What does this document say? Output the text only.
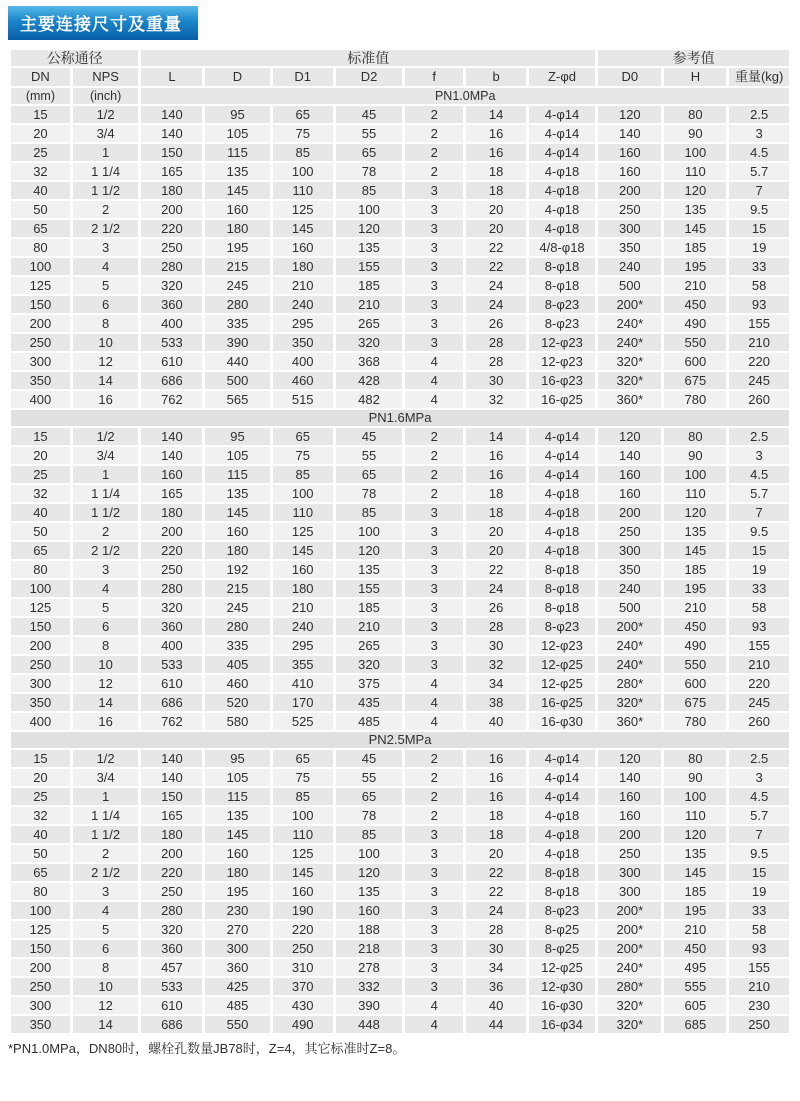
主要连接尺寸及重量
公称通径		标准值							参考值		
DN	NPS	L	D	D1	D2	f	b	Z-φd	D0	H	重量(kg)
(mm)	(inch)	PN1.0MPa									
15	1/2	140	95	65	45	2	14	4-φ14	120	80	2.5
20	3/4	140	105	75	55	2	16	4-φ14	140	90	3
25	1	150	115	85	65	2	16	4-φ14	160	100	4.5
32	1 1/4	165	135	100	78	2	18	4-φ18	160	110	5.7
40	1 1/2	180	145	110	85	3	18	4-φ18	200	120	7
50	2	200	160	125	100	3	20	4-φ18	250	135	9.5
65	2 1/2	220	180	145	120	3	20	4-φ18	300	145	15
80	3	250	195	160	135	3	22	4/8-φ18	350	185	19
100	4	280	215	180	155	3	22	8-φ18	240	195	33
125	5	320	245	210	185	3	24	8-φ18	500	210	58
150	6	360	280	240	210	3	24	8-φ23	200*	450	93
200	8	400	335	295	265	3	26	8-φ23	240*	490	155
250	10	533	390	350	320	3	28	12-φ23	240*	550	210
300	12	610	440	400	368	4	28	12-φ23	320*	600	220
350	14	686	500	460	428	4	30	16-φ23	320*	675	245
400	16	762	565	515	482	4	32	16-φ25	360*	780	260
PN1.6MPa											
15	1/2	140	95	65	45	2	14	4-φ14	120	80	2.5
20	3/4	140	105	75	55	2	16	4-φ14	140	90	3
25	1	160	115	85	65	2	16	4-φ14	160	100	4.5
32	1 1/4	165	135	100	78	2	18	4-φ18	160	110	5.7
40	1 1/2	180	145	110	85	3	18	4-φ18	200	120	7
50	2	200	160	125	100	3	20	4-φ18	250	135	9.5
65	2 1/2	220	180	145	120	3	20	4-φ18	300	145	15
80	3	250	192	160	135	3	22	8-φ18	350	185	19
100	4	280	215	180	155	3	24	8-φ18	240	195	33
125	5	320	245	210	185	3	26	8-φ18	500	210	58
150	6	360	280	240	210	3	28	8-φ23	200*	450	93
200	8	400	335	295	265	3	30	12-φ23	240*	490	155
250	10	533	405	355	320	3	32	12-φ25	240*	550	210
300	12	610	460	410	375	4	34	12-φ25	280*	600	220
350	14	686	520	170	435	4	38	16-φ25	320*	675	245
400	16	762	580	525	485	4	40	16-φ30	360*	780	260
PN2.5MPa											
15	1/2	140	95	65	45	2	16	4-φ14	120	80	2.5
20	3/4	140	105	75	55	2	16	4-φ14	140	90	3
25	1	150	115	85	65	2	16	4-φ14	160	100	4.5
32	1 1/4	165	135	100	78	2	18	4-φ18	160	110	5.7
40	1 1/2	180	145	110	85	3	18	4-φ18	200	120	7
50	2	200	160	125	100	3	20	4-φ18	250	135	9.5
65	2 1/2	220	180	145	120	3	22	8-φ18	300	145	15
80	3	250	195	160	135	3	22	8-φ18	300	185	19
100	4	280	230	190	160	3	24	8-φ23	200*	195	33
125	5	320	270	220	188	3	28	8-φ25	200*	210	58
150	6	360	300	250	218	3	30	8-φ25	200*	450	93
200	8	457	360	310	278	3	34	12-φ25	240*	495	155
250	10	533	425	370	332	3	36	12-φ30	280*	555	210
300	12	610	485	430	390	4	40	16-φ30	320*	605	230
350	14	686	550	490	448	4	44	16-φ34	320*	685	250
*PN1.0MPa，DN80时，螺栓孔数量JB78时，Z=4，其它标准时Z=8。
